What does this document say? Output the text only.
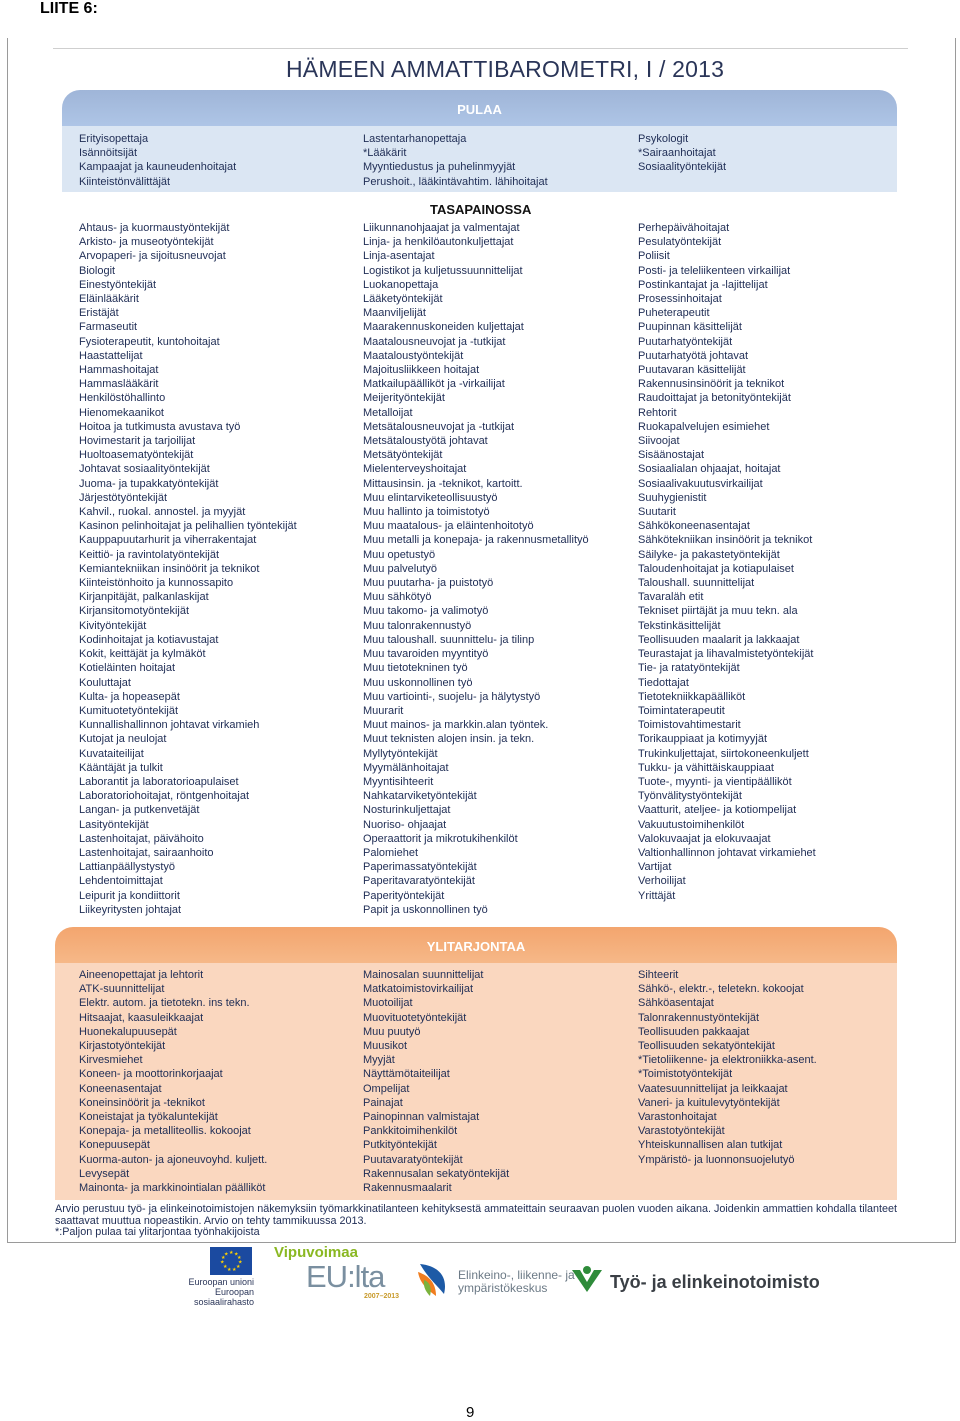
LIITE 6:
HÄMEEN AMMATTIBAROMETRI, I / 2013
PULAA
Erityisopettaja
Isännöitsijät
Kampaajat ja kauneudenhoitajat
Kiinteistönvälittäjät
Lastentarhanopettaja
*Lääkärit
Myyntiedustus ja puhelinmyyjät
Perushoit., lääkintävahtim. lähihoitajat
Psykologit
*Sairaanhoitajat
Sosiaalityöntekijät
TASAPAINOSSA
Ahtaus- ja kuormaustyöntekijät
Arkisto- ja museotyöntekijät
Arvopaperi- ja sijoitusneuvojat
Biologit
Einestyöntekijät
Eläinlääkärit
Eristäjät
Farmaseutit
Fysioterapeutit, kuntohoitajat
Haastattelijat
Hammashoitajat
Hammaslääkärit
Henkilöstöhallinto
Hienomekaanikot
Hoitoa ja tutkimusta avustava työ
Hovimestarit ja tarjoilijat
Huoltoasematyöntekijät
Johtavat sosiaalityöntekijät
Juoma- ja tupakkatyöntekijät
Järjestötyöntekijät
Kahvil., ruokal. annostel. ja myyjät
Kasinon pelinhoitajat ja pelihallien työntekijät
Kauppapuutarhurit ja viherrakentajat
Keittiö- ja ravintolatyöntekijät
Kemiantekniikan insinöörit ja teknikot
Kiinteistönhoito ja kunnossapito
Kirjanpitäjät, palkanlaskijat
Kirjansitomotyöntekijät
Kivityöntekijät
Kodinhoitajat ja kotiavustajat
Kokit, keittäjät ja kylmäköt
Kotieläinten hoitajat
Kouluttajat
Kulta- ja hopeasepät
Kumituotetyöntekijät
Kunnallishallinnon johtavat virkamieh
Kutojat ja neulojat
Kuvataiteilijat
Kääntäjät ja tulkit
Laborantit ja laboratorioapulaiset
Laboratoriohoitajat, röntgenhoitajat
Langan- ja putkenvetäjät
Lasityöntekijät
Lastenhoitajat, päivähoito
Lastenhoitajat, sairaanhoito
Lattianpäällystystyö
Lehdentoimittajat
Leipurit ja kondiittorit
Liikeyritysten johtajat
Liikunnanohjaajat ja valmentajat
Linja- ja henkilöautonkuljettajat
Linja-asentajat
Logistikot ja kuljetussuunnittelijat
Luokanopettaja
Lääketyöntekijät
Maanviljelijät
Maarakennuskoneiden kuljettajat
Maatalousneuvojat ja -tutkijat
Maataloustyöntekijät
Majoitusliikkeen hoitajat
Matkailupäälliköt ja -virkailijat
Meijerityöntekijät
Metalloijat
Metsätalousneuvojat ja -tutkijat
Metsätaloustyötä johtavat
Metsätyöntekijät
Mielenterveyshoitajat
Mittausinsin. ja -teknikot, kartoitt.
Muu elintarviketeollisuustyö
Muu hallinto ja toimistotyö
Muu maatalous- ja eläintenhoitotyö
Muu metalli ja konepaja- ja rakennusmetallityö
Muu opetustyö
Muu palvelutyö
Muu puutarha- ja puistotyö
Muu sähkötyö
Muu takomo- ja valimotyö
Muu talonrakennustyö
Muu taloushall. suunnittelu- ja tilinp
Muu tavaroiden myyntityö
Muu tietotekninen työ
Muu uskonnollinen työ
Muu vartiointi-, suojelu- ja hälytystyö
Muurarit
Muut mainos- ja markkin.alan työntek.
Muut teknisten alojen insin. ja tekn.
Myllytyöntekijät
Myymälänhoitajat
Myyntisihteerit
Nahkatarviketyöntekijät
Nosturinkuljettajat
Nuoriso- ohjaajat
Operaattorit ja mikrotukihenkilöt
Palomiehet
Paperimassatyöntekijät
Paperitavaratyöntekijät
Paperityöntekijät
Papit ja uskonnollinen työ
Perhepäivähoitajat
Pesulatyöntekijät
Poliisit
Posti- ja teleliikenteen virkailijat
Postinkantajat ja -lajittelijat
Prosessinhoitajat
Puheterapeutit
Puupinnan käsittelijät
Puutarhatyöntekijät
Puutarhatyötä johtavat
Puutavaran käsittelijät
Rakennusinsinöörit ja teknikot
Raudoittajat ja betonityöntekijät
Rehtorit
Ruokapalvelujen esimiehet
Siivoojat
Sisäänostajat
Sosiaalialan ohjaajat, hoitajat
Sosiaalivakuutusvirkailijat
Suuhygienistit
Suutarit
Sähkökoneenasentajat
Sähkötekniikan insinöörit ja teknikot
Säilyke- ja pakastetyöntekijät
Taloudenhoitajat ja kotiapulaiset
Taloushall. suunnittelijat
Tavaraläh etit
Tekniset piirtäjät ja muu tekn. ala
Tekstinkäsittelijät
Teollisuuden maalarit ja lakkaajat
Teurastajat ja lihavalmistetyöntekijät
Tie- ja ratatyöntekijät
Tiedottajat
Tietotekniikkapäälliköt
Toimintaterapeutit
Toimistovahtimestarit
Torikauppiaat ja kotimyyjät
Trukinkuljettajat, siirtokoneenkuljett
Tukku- ja vähittäiskauppiaat
Tuote-, myynti- ja vientipäälliköt
Työnvälitystyöntekijät
Vaatturit, ateljee- ja kotiompelijat
Vakuutustoimihenkilöt
Valokuvaajat ja elokuvaajat
Valtionhallinnon johtavat virkamiehet
Vartijat
Verhoilijat
Yrittäjät
YLITARJONTAA
Aineenopettajat ja lehtorit
ATK-suunnittelijat
Elektr. autom. ja tietotekn. ins tekn.
Hitsaajat, kaasuleikkaajat
Huonekalupuusepät
Kirjastotyöntekijät
Kirvesmiehet
Koneen- ja moottorinkorjaajat
Koneenasentajat
Koneinsinöörit ja -teknikot
Koneistajat ja työkaluntekijät
Konepaja- ja metalliteollis. kokoojat
Konepuusepät
Kuorma-auton- ja ajoneuvoyhd. kuljett.
Levysepät
Mainonta- ja markkinointialan päälliköt
Mainosalan suunnittelijat
Matkatoimistovirkailijat
Muotoilijat
Muovituotetyöntekijät
Muu puutyö
Muusikot
Myyjät
Näyttämötaiteilijat
Ompelijat
Painajat
Painopinnan valmistajat
Pankkitoimihenkilöt
Putkityöntekijät
Puutavaratyöntekijät
Rakennusalan sekatyöntekijät
Rakennusmaalarit
Sihteerit
Sähkö-, elektr.-, teletekn. kokoojat
Sähköasentajat
Talonrakennustyöntekijät
Teollisuuden pakkaajat
Teollisuuden sekatyöntekijät
*Tietoliikenne- ja elektroniikka-asent.
*Toimistotyöntekijät
Vaatesuunnittelijat ja leikkaajat
Vaneri- ja kuitulevytyöntekijät
Varastonhoitajat
Varastotyöntekijät
Yhteiskunnallisen alan tutkijat
Ympäristö- ja luonnonsuojelutyö

Arvio perustuu työ- ja elinkeinotoimistojen näkemyksiin työmarkkinatilanteen kehityksestä ammateittain seuraavan puolen vuoden aikana. Joidenkin ammattien kohdalla tilanteet saattavat muuttua nopeastikin. Arvio on tehty tammikuussa 2013.

*:Paljon pulaa tai ylitarjontaa työnhakijoista

★ ★
★
★
★
★
★
★
★
★
★
Euroopan unioni
Euroopan sosiaalirahasto
Vipuvoimaa
EU:lta
2007–2013
Elinkeino-, liikenne- ja
ympäristökeskus	Työ- ja elinkeinotoimisto
9
